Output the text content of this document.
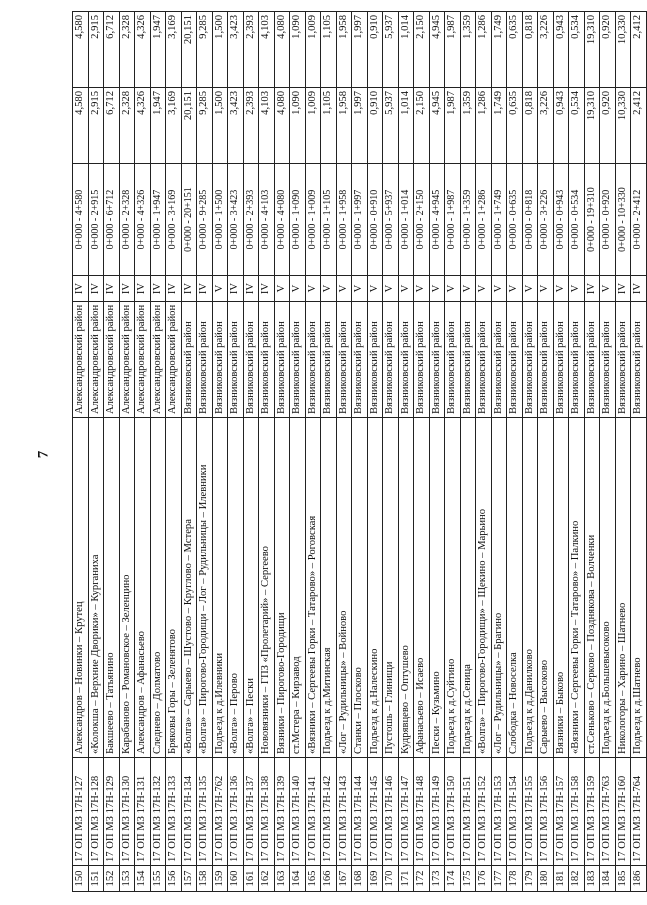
7
150	17 ОП МЗ 17Н-127	Александров – Новинки – Крутец	Александровский район	IV	0+000 - 4+580	4,580	4,580
151	17 ОП МЗ 17Н-128	«Колокша – Верхние Дворики» – Курганиха	Александровский район	IV	0+000 - 2+915	2,915	2,915
152	17 ОП МЗ 17Н-129	Бакшеево – Татьянино	Александровский район	IV	0+000 - 6+712	6,712	6,712
153	17 ОП МЗ 17Н-130	Карабаново – Романовское – Зеленцино	Александровский район	IV	0+000 - 2+328	2,328	2,328
154	17 ОП МЗ 17Н-131	Александров – Афанасьево	Александровский район	IV	0+000 - 4+326	4,326	4,326
155	17 ОП МЗ 17Н-132	Следнево – Долматово	Александровский район	IV	0+000 - 1+947	1,947	1,947
156	17 ОП МЗ 17Н-133	Бряковы Горы – Зеленятово	Александровский район	IV	0+000 - 3+169	3,169	3,169
157	17 ОП МЗ 17Н-134	«Волга» – Сарыево – Шустово – Круглово – Мстера	Вязниковский район	IV	0+000 - 20+151	20,151	20,151
158	17 ОП МЗ 17Н-135	«Волга» – Пирогово-Городищи – Лог – Рудильницы – Илевники	Вязниковский район	IV	0+000 - 9+285	9,285	9,285
159	17 ОП МЗ 17Н-762	Подъезд к д.Илевники	Вязниковский район	V	0+000 - 1+500	1,500	1,500
160	17 ОП МЗ 17Н-136	«Волга» – Перово	Вязниковский район	IV	0+000 - 3+423	3,423	3,423
161	17 ОП МЗ 17Н-137	«Волга» – Пески	Вязниковский район	IV	0+000 - 2+393	2,393	2,393
162	17 ОП МЗ 17Н-138	Нововязники – ГПЗ «Пролетарий» – Сергеево	Вязниковский район	IV	0+000 - 4+103	4,103	4,103
163	17 ОП МЗ 17Н-139	Вязники – Пирогово-Городищи	Вязниковский район	V	0+000 - 4+080	4,080	4,080
164	17 ОП МЗ 17Н-140	ст.Мстера – Кирзавод	Вязниковский район	V	0+000 - 1+090	1,090	1,090
165	17 ОП МЗ 17Н-141	«Вязники – Сергеевы Горки – Татарово» – Роговская	Вязниковский район	V	0+000 - 1+009	1,009	1,009
166	17 ОП МЗ 17Н-142	Подъезд к д.Митинская	Вязниковский район	V	0+000 - 1+105	1,105	1,105
167	17 ОП МЗ 17Н-143	«Лог – Рудильницы» – Войново	Вязниковский район	V	0+000 - 1+958	1,958	1,958
168	17 ОП МЗ 17Н-144	Станки – Плосково	Вязниковский район	V	0+000 - 1+997	1,997	1,997
169	17 ОП МЗ 17Н-145	Подъезд к д.Налескино	Вязниковский район	V	0+000 - 0+910	0,910	0,910
170	17 ОП МЗ 17Н-146	Пустошь – Глинищи	Вязниковский район	V	0+000 - 5+937	5,937	5,937
171	17 ОП МЗ 17Н-147	Кудрявцево – Оптушево	Вязниковский район	V	0+000 - 1+014	1,014	1,014
172	17 ОП МЗ 17Н-148	Афанасьево – Исаево	Вязниковский район	V	0+000 - 2+150	2,150	2,150
173	17 ОП МЗ 17Н-149	Пески – Кузьмино	Вязниковский район	V	0+000 - 4+945	4,945	4,945
174	17 ОП МЗ 17Н-150	Подъезд к д.Суйтино	Вязниковский район	V	0+000 - 1+987	1,987	1,987
175	17 ОП МЗ 17Н-151	Подъезд к д.Сеница	Вязниковский район	V	0+000 - 1+359	1,359	1,359
176	17 ОП МЗ 17Н-152	«Волга» – Пирогово-Городищи» – Щекино – Марьино	Вязниковский район	V	0+000 - 1+286	1,286	1,286
177	17 ОП МЗ 17Н-153	«Лог – Рудильницы» – Брагино	Вязниковский район	V	0+000 - 1+749	1,749	1,749
178	17 ОП МЗ 17Н-154	Слободка – Новоселка	Вязниковский район	V	0+000 - 0+635	0,635	0,635
179	17 ОП МЗ 17Н-155	Подъезд к д.Данилково	Вязниковский район	V	0+000 - 0+818	0,818	0,818
180	17 ОП МЗ 17Н-156	Сарыево – Высоково	Вязниковский район	V	0+000 - 3+226	3,226	3,226
181	17 ОП МЗ 17Н-157	Вязники – Быково	Вязниковский район	V	0+000 - 0+943	0,943	0,943
182	17 ОП МЗ 17Н-158	«Вязники – Сергеевы Горки – Татарово» – Палкино	Вязниковский район	V	0+000 - 0+534	0,534	0,534
183	17 ОП МЗ 17Н-159	ст.Сеньково – Серково – Позднякова – Волченки	Вязниковский район	IV	0+000 - 19+310	19,310	19,310
184	17 ОП МЗ 17Н-763	Подъезд к д.Большевысоково	Вязниковский район	V	0+000 - 0+920	0,920	0,920
185	17 ОП МЗ 17Н-160	Никологоры – Харино – Шатнево	Вязниковский район	IV	0+000 - 10+330	10,330	10,330
186	17 ОП МЗ 17Н-764	Подъезд к д.Шатнево	Вязниковский район	IV	0+000 - 2+412	2,412	2,412
